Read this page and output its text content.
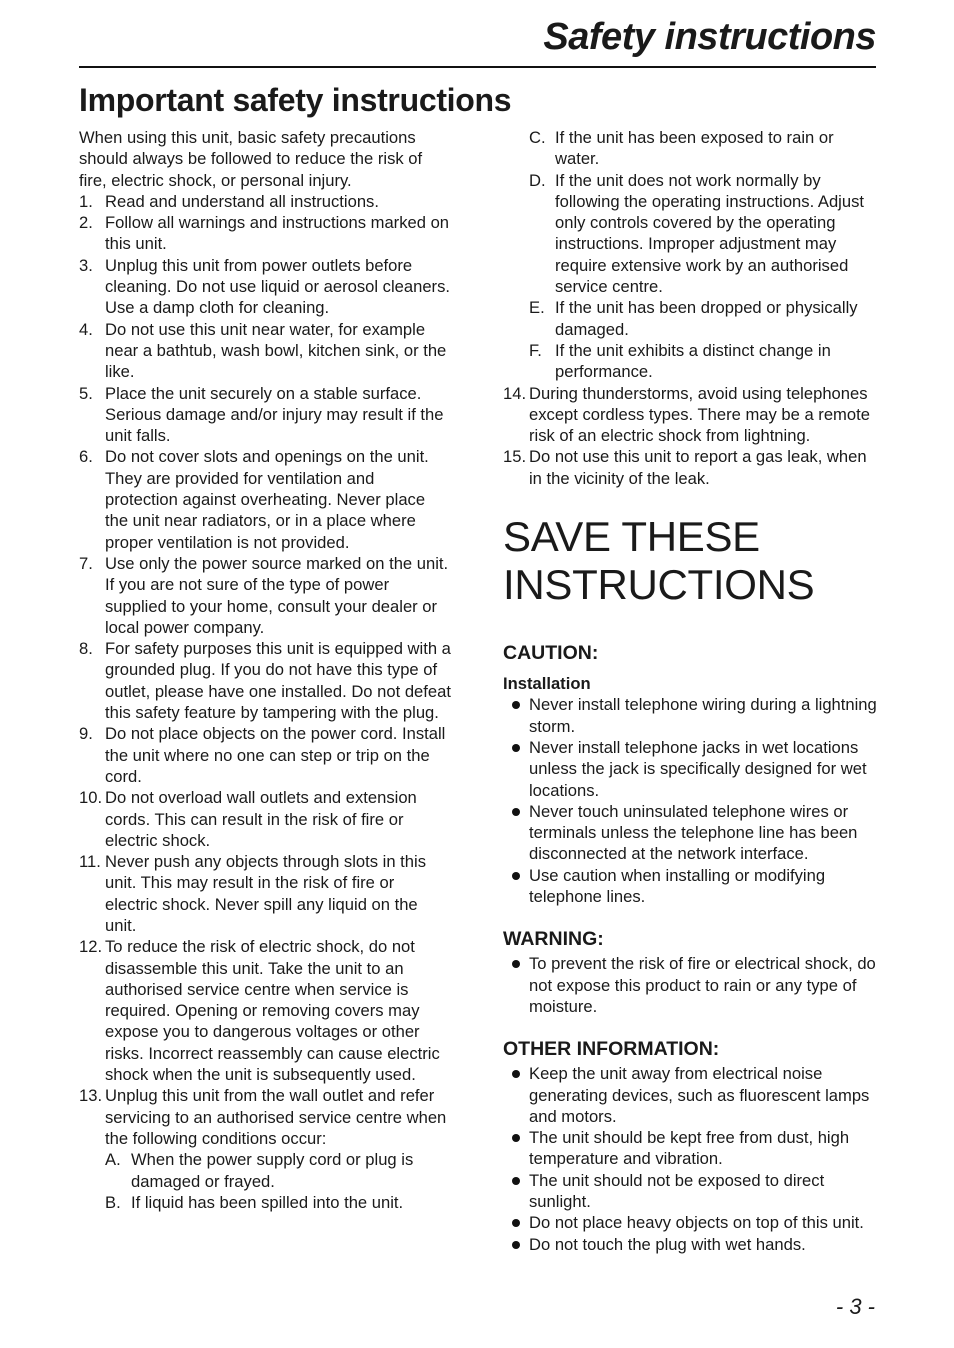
Safety instructions
Important safety instructions

When using this unit, basic safety precautions should always be followed to reduce the risk of fire, electric shock, or personal injury.

1. Read and understand all instructions.
2. Follow all warnings and instructions marked on this unit.
3. Unplug this unit from power outlets before cleaning. Do not use liquid or aerosol cleaners. Use a damp cloth for cleaning.
4. Do not use this unit near water, for example near a bathtub, wash bowl, kitchen sink, or the like.
5. Place the unit securely on a stable surface. Serious damage and/or injury may result if the unit falls.
6. Do not cover slots and openings on the unit. They are provided for ventilation and protection against overheating. Never place the unit near radiators, or in a place where proper ventilation is not provided.
7. Use only the power source marked on the unit. If you are not sure of the type of power supplied to your home, consult your dealer or local power company.
8. For safety purposes this unit is equipped with a grounded plug. If you do not have this type of outlet, please have one installed. Do not defeat this safety feature by tampering with the plug.
9. Do not place objects on the power cord. Install the unit where no one can step or trip on the cord.
10. Do not overload wall outlets and extension cords. This can result in the risk of fire or electric shock.
11. Never push any objects through slots in this unit. This may result in the risk of fire or electric shock. Never spill any liquid on the unit.
12. To reduce the risk of electric shock, do not disassemble this unit. Take the unit to an authorised service centre when service is required. Opening or removing covers may expose you to dangerous voltages or other risks. Incorrect reassembly can cause electric shock when the unit is subsequently used.
13. Unplug this unit from the wall outlet and refer servicing to an authorised service centre when the following conditions occur:
A. When the power supply cord or plug is damaged or frayed.
B. If liquid has been spilled into the unit.
C. If the unit has been exposed to rain or water.
D. If the unit does not work normally by following the operating instructions. Adjust only controls covered by the operating instructions. Improper adjustment may require extensive work by an authorised service centre.
E. If the unit has been dropped or physically damaged.
F. If the unit exhibits a distinct change in performance.
14. During thunderstorms, avoid using telephones except cordless types. There may be a remote risk of an electric shock from lightning.
15. Do not use this unit to report a gas leak, when in the vicinity of the leak.
SAVE THESE INSTRUCTIONS
CAUTION:
Installation
Never install telephone wiring during a lightning storm.
Never install telephone jacks in wet locations unless the jack is specifically designed for wet locations.
Never touch uninsulated telephone wires or terminals unless the telephone line has been disconnected at the network interface.
Use caution when installing or modifying telephone lines.
WARNING:
To prevent the risk of fire or electrical shock, do not expose this product to rain or any type of moisture.
OTHER INFORMATION:
Keep the unit away from electrical noise generating devices, such as fluorescent lamps and motors.
The unit should be kept free from dust, high temperature and vibration.
The unit should not be exposed to direct sunlight.
Do not place heavy objects on top of this unit.
Do not touch the plug with wet hands.
- 3 -
